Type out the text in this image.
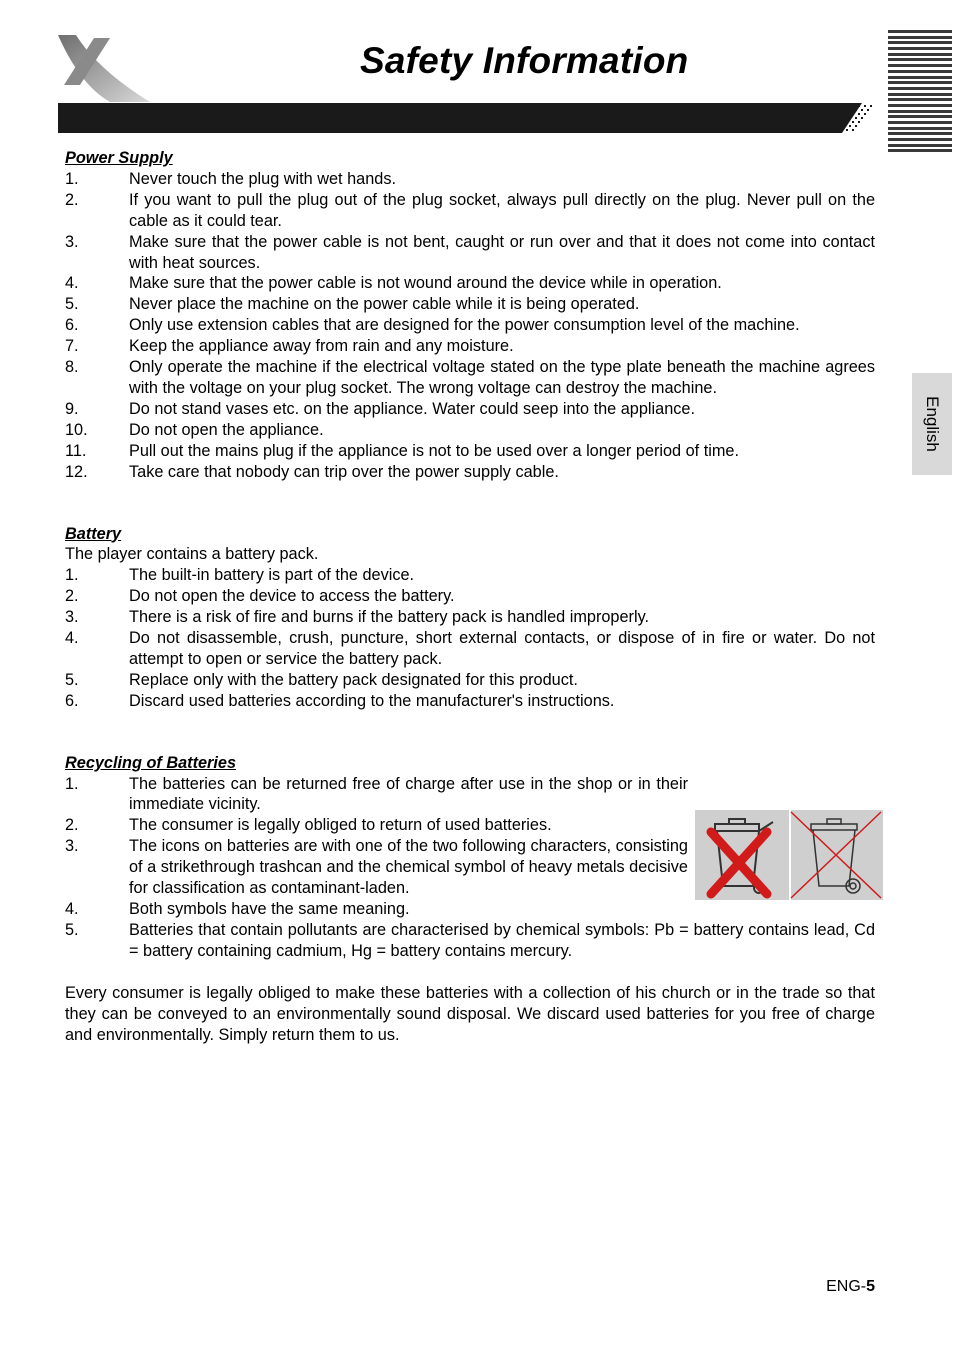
Safety Information
English

Power Supply

1.	Never touch the plug with wet hands.
2.	If you want to pull the plug out of the plug socket, always pull directly on the plug. Never pull on the cable as it could tear.
3.	Make sure that the power cable is not bent, caught or run over and that it does not come into contact with heat sources.
4.	Make sure that the power cable is not wound around the device while in operation.
5.	Never place the machine on the power cable while it is being operated.
6.	Only use extension cables that are designed for the power consumption level of the machine.
7.	Keep the appliance away from rain and any moisture.
8.	Only operate the machine if the electrical voltage stated on the type plate beneath the machine agrees with the voltage on your plug socket. The wrong voltage can destroy the machine.
9.	Do not stand vases etc. on the appliance. Water could seep into the appliance.
10.	Do not open the appliance.
11.	Pull out the mains plug if the appliance is not to be used over a longer period of time.
12.	Take care that nobody can trip over the power supply cable.

Battery

The player contains a battery pack.

1.	The built-in battery is part of the device.
2.	Do not open the device to access the battery.
3.	There is a risk of fire and burns if the battery pack is handled improperly.
4.	Do not disassemble, crush, puncture, short external contacts, or dispose of in fire or water. Do not attempt to open or service the battery pack.
5.	Replace only with the battery pack designated for this product.
6.	Discard used batteries according to the manufacturer's instructions.

Recycling of Batteries

1.	The batteries can be returned free of charge after use in the shop or in their immediate vicinity.
2.	The consumer is legally obliged to return of used batteries.
3.	The icons on batteries are with one of the two following characters, consisting of a strikethrough trashcan and the chemical symbol of heavy metals decisive for classification as contaminant-laden.
4.	Both symbols have the same meaning.
5.	Batteries that contain pollutants are characterised by chemical symbols: Pb = battery contains lead, Cd = battery containing cadmium, Hg = battery contains mercury.

Every consumer is legally obliged to make these batteries with a collection of his church or in the trade so that they can be conveyed to an environmentally sound disposal. We discard used batteries for you free of charge and environmentally. Simply return them to us.

ENG-5
